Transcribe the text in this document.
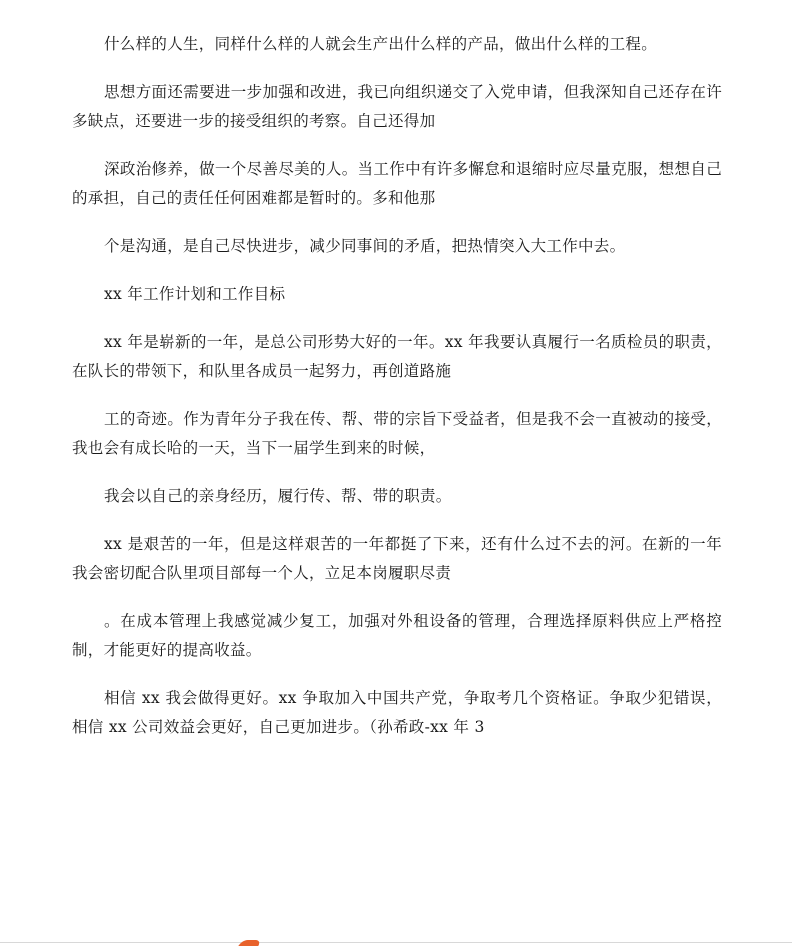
什么样的人生，同样什么样的人就会生产出什么样的产品，做出什么样的工程。

思想方面还需要进一步加强和改进，我已向组织递交了入党申请，但我深知自己还存在许多缺点，还要进一步的接受组织的考察。自己还得加

深政治修养，做一个尽善尽美的人。当工作中有许多懈怠和退缩时应尽量克服，想想自己的承担，自己的责任任何困难都是暂时的。多和他那

个是沟通，是自己尽快进步，减少同事间的矛盾，把热情突入大工作中去。

xx 年工作计划和工作目标

xx 年是崭新的一年，是总公司形势大好的一年。xx 年我要认真履行一名质检员的职责，在队长的带领下，和队里各成员一起努力，再创道路施

工的奇迹。作为青年分子我在传、帮、带的宗旨下受益者，但是我不会一直被动的接受，我也会有成长哈的一天，当下一届学生到来的时候，

我会以自己的亲身经历，履行传、帮、带的职责。

xx 是艰苦的一年，但是这样艰苦的一年都挺了下来，还有什么过不去的河。在新的一年我会密切配合队里项目部每一个人，立足本岗履职尽责

。在成本管理上我感觉减少复工，加强对外租设备的管理，合理选择原料供应上严格控制，才能更好的提高收益。

相信 xx 我会做得更好。xx 争取加入中国共产党，争取考几个资格证。争取少犯错误，相信 xx 公司效益会更好，自己更加进步。（孙希政-xx 年 3
